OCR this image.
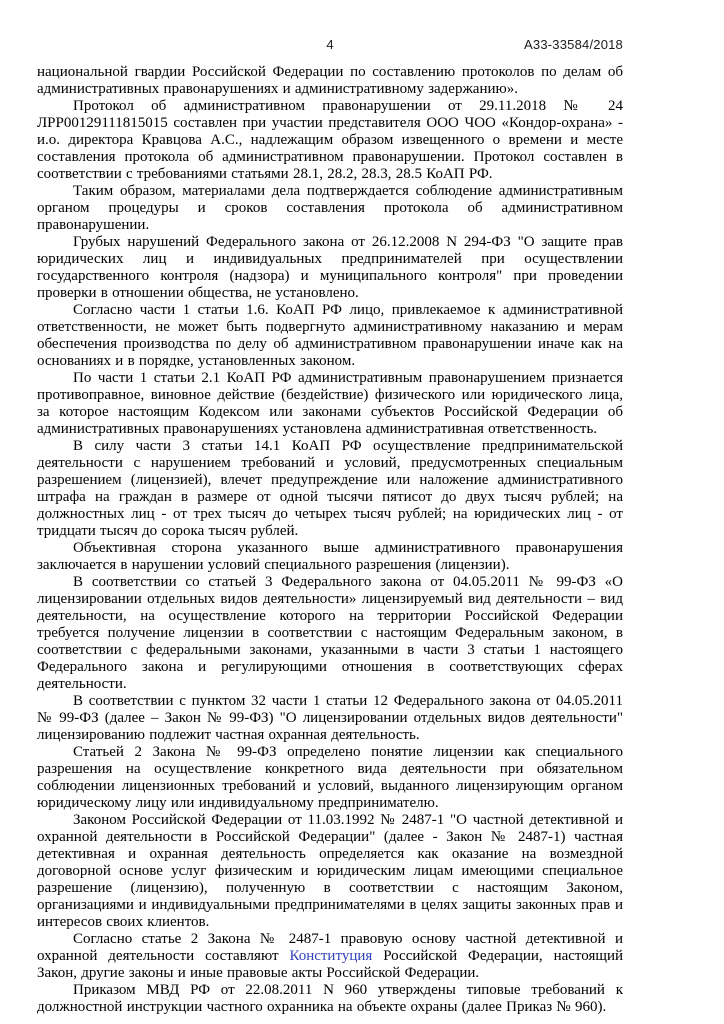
4	А33-33584/2018

национальной гвардии Российской Федерации по составлению протоколов по делам об административных правонарушениях и административному задержанию».

Протокол об административном правонарушении от 29.11.2018 № 24 ЛРР00129111815015 составлен при участии представителя ООО ЧОО «Кондор-охрана» - и.о. директора Кравцова А.С., надлежащим образом извещенного о времени и месте составления протокола об административном правонарушении. Протокол составлен в соответствии с требованиями статьями 28.1, 28.2, 28.3, 28.5 КоАП РФ.

Таким образом, материалами дела подтверждается соблюдение административным органом процедуры и сроков составления протокола об административном правонарушении.

Грубых нарушений Федерального закона от 26.12.2008 N 294-ФЗ "О защите прав юридических лиц и индивидуальных предпринимателей при осуществлении государственного контроля (надзора) и муниципального контроля" при проведении проверки в отношении общества, не установлено.

Согласно части 1 статьи 1.6. КоАП РФ лицо, привлекаемое к административной ответственности, не может быть подвергнуто административному наказанию и мерам обеспечения производства по делу об административном правонарушении иначе как на основаниях и в порядке, установленных законом.

По части 1 статьи 2.1 КоАП РФ административным правонарушением признается противоправное, виновное действие (бездействие) физического или юридического лица, за которое настоящим Кодексом или законами субъектов Российской Федерации об административных правонарушениях установлена административная ответственность.

В силу части 3 статьи 14.1 КоАП РФ осуществление предпринимательской деятельности с нарушением требований и условий, предусмотренных специальным разрешением (лицензией), влечет предупреждение или наложение административного штрафа на граждан в размере от одной тысячи пятисот до двух тысяч рублей; на должностных лиц - от трех тысяч до четырех тысяч рублей; на юридических лиц - от тридцати тысяч до сорока тысяч рублей.

Объективная сторона указанного выше административного правонарушения заключается в нарушении условий специального разрешения (лицензии).

В соответствии со статьей 3 Федерального закона от 04.05.2011 № 99-ФЗ «О лицензировании отдельных видов деятельности» лицензируемый вид деятельности – вид деятельности, на осуществление которого на территории Российской Федерации требуется получение лицензии в соответствии с настоящим Федеральным законом, в соответствии с федеральными законами, указанными в части 3 статьи 1 настоящего Федерального закона и регулирующими отношения в соответствующих сферах деятельности.

В соответствии с пунктом 32 части 1 статьи 12 Федерального закона от 04.05.2011 № 99-ФЗ (далее – Закон № 99-ФЗ) "О лицензировании отдельных видов деятельности" лицензированию подлежит частная охранная деятельность.

Статьей 2 Закона № 99-ФЗ определено понятие лицензии как специального разрешения на осуществление конкретного вида деятельности при обязательном соблюдении лицензионных требований и условий, выданного лицензирующим органом юридическому лицу или индивидуальному предпринимателю.

Законом Российской Федерации от 11.03.1992 № 2487-1 "О частной детективной и охранной деятельности в Российской Федерации" (далее - Закон № 2487-1) частная детективная и охранная деятельность определяется как оказание на возмездной договорной основе услуг физическим и юридическим лицам имеющими специальное разрешение (лицензию), полученную в соответствии с настоящим Законом, организациями и индивидуальными предпринимателями в целях защиты законных прав и интересов своих клиентов.

Согласно статье 2 Закона № 2487-1 правовую основу частной детективной и охранной деятельности составляют Конституция Российской Федерации, настоящий Закон, другие законы и иные правовые акты Российской Федерации.

Приказом МВД РФ от 22.08.2011 N 960 утверждены типовые требований к должностной инструкции частного охранника на объекте охраны (далее Приказ № 960).
